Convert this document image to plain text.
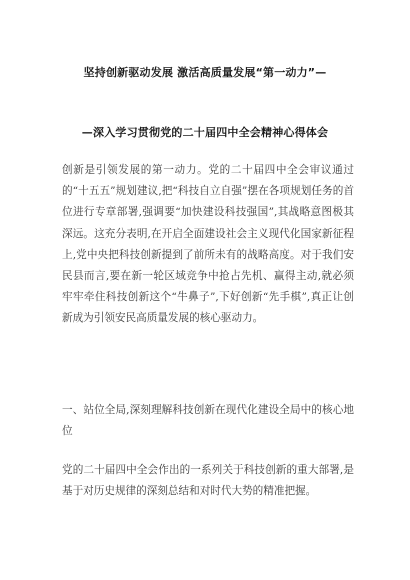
坚持创新驱动发展 激活高质量发展“第一动力”—
—深入学习贯彻党的二十届四中全会精神心得体会
创新是引领发展的第一动力。党的二十届四中全会审议通过的“十五五”规划建议,把“科技自立自强”摆在各项规划任务的首位进行专章部署,强调要“加快建设科技强国”,其战略意图极其深远。这充分表明,在开启全面建设社会主义现代化国家新征程上,党中央把科技创新提到了前所未有的战略高度。对于我们安民县而言,要在新一轮区域竞争中抢占先机、赢得主动,就必须牢牢牵住科技创新这个“牛鼻子”,下好创新“先手棋”,真正让创新成为引领安民高质量发展的核心驱动力。
一、站位全局,深刻理解科技创新在现代化建设全局中的核心地位
党的二十届四中全会作出的一系列关于科技创新的重大部署,是基于对历史规律的深刻总结和对时代大势的精准把握。
